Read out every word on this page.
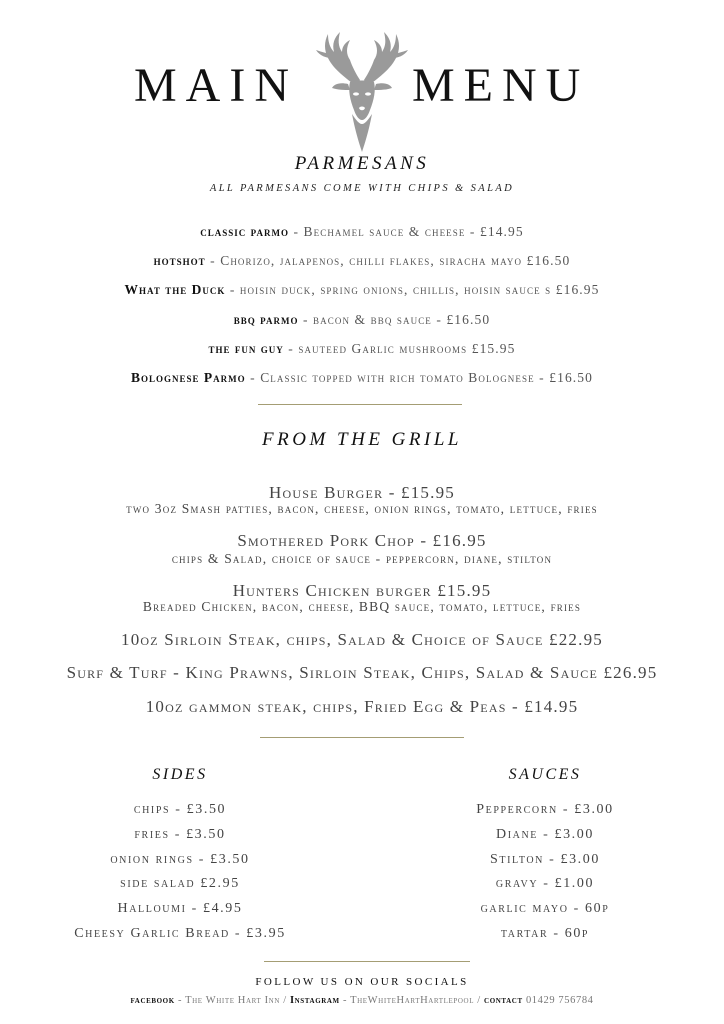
MAIN MENU
PARMESANS
ALL PARMESANS COME WITH CHIPS & SALAD
classic parmo - Bechamel sauce & cheese - £14.95
hotshot - Chorizo, jalapenos, chilli flakes, siracha mayo £16.50
What the Duck - hoisin duck, spring onions, chillis, hoisin sauce s £16.95
bbq parmo - bacon & bbq sauce - £16.50
the fun guy - sauteed Garlic mushrooms £15.95
Bolognese Parmo - Classic topped with rich tomato Bolognese - £16.50
FROM THE GRILL
House Burger - £15.95
two 3oz Smash patties, bacon, cheese, onion rings, tomato, lettuce, fries
Smothered Pork Chop - £16.95
chips & Salad, choice of sauce - peppercorn, diane, stilton
Hunters Chicken burger £15.95
Breaded Chicken, bacon, cheese, BBQ sauce, tomato, lettuce, fries
10oz Sirloin Steak, chips, Salad & Choice of Sauce £22.95
Surf & Turf - King Prawns, Sirloin Steak, Chips, Salad & Sauce £26.95
10oz gammon steak, chips, Fried Egg & Peas - £14.95
SIDES
chips - £3.50
fries - £3.50
onion rings - £3.50
side salad £2.95
Halloumi - £4.95
Cheesy Garlic Bread - £3.95
SAUCES
Peppercorn - £3.00
Diane - £3.00
Stilton - £3.00
gravy - £1.00
garlic mayo - 60p
tartar - 60p
FOLLOW US ON OUR SOCIALS
facebook - The White Hart Inn / Instagram - TheWhiteHartHartlepool / contact 01429 756784
